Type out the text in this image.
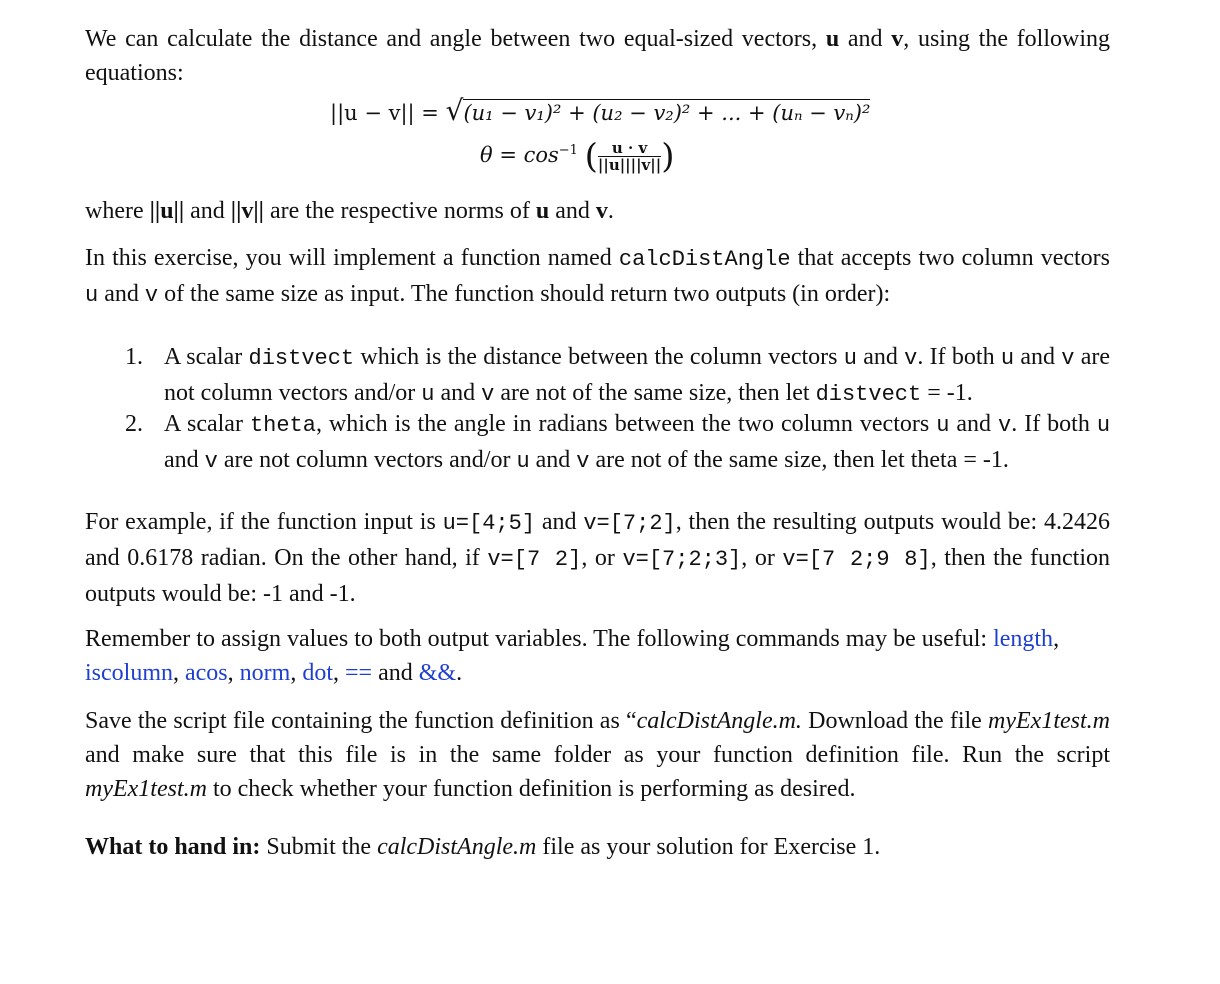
We can calculate the distance and angle between two equal-sized vectors, u and v, using the following equations:

||u − v|| = √(u₁ − v₁)² + (u₂ − v₂)² + ... + (uₙ − vₙ)²
$\theta = \cos^{-1}$ ( $\frac{u \cdot v}{||u||||v||}$ )

where ||u|| and ||v|| are the respective norms of u and v.

In this exercise, you will implement a function named calcDistAngle that accepts two column vectors u and v of the same size as input. The function should return two outputs (in order):

1. A scalar distvect which is the distance between the column vectors u and v. If both u and v are not column vectors and/or u and v are not of the same size, then let distvect = -1.
2. A scalar theta, which is the angle in radians between the two column vectors u and v. If both u and v are not column vectors and/or u and v are not of the same size, then let theta = -1.

For example, if the function input is u=[4;5] and v=[7;2], then the resulting outputs would be: 4.2426 and 0.6178 radian. On the other hand, if v=[7 2], or v=[7;2;3], or v=[7 2;9 8], then the function outputs would be: -1 and -1.

Remember to assign values to both output variables. The following commands may be useful: length, iscolumn, acos, norm, dot, == and &&.

Save the script file containing the function definition as “calcDistAngle.m. Download the file myEx1test.m and make sure that this file is in the same folder as your function definition file. Run the script myEx1test.m to check whether your function definition is performing as desired.

What to hand in: Submit the calcDistAngle.m file as your solution for Exercise 1.
